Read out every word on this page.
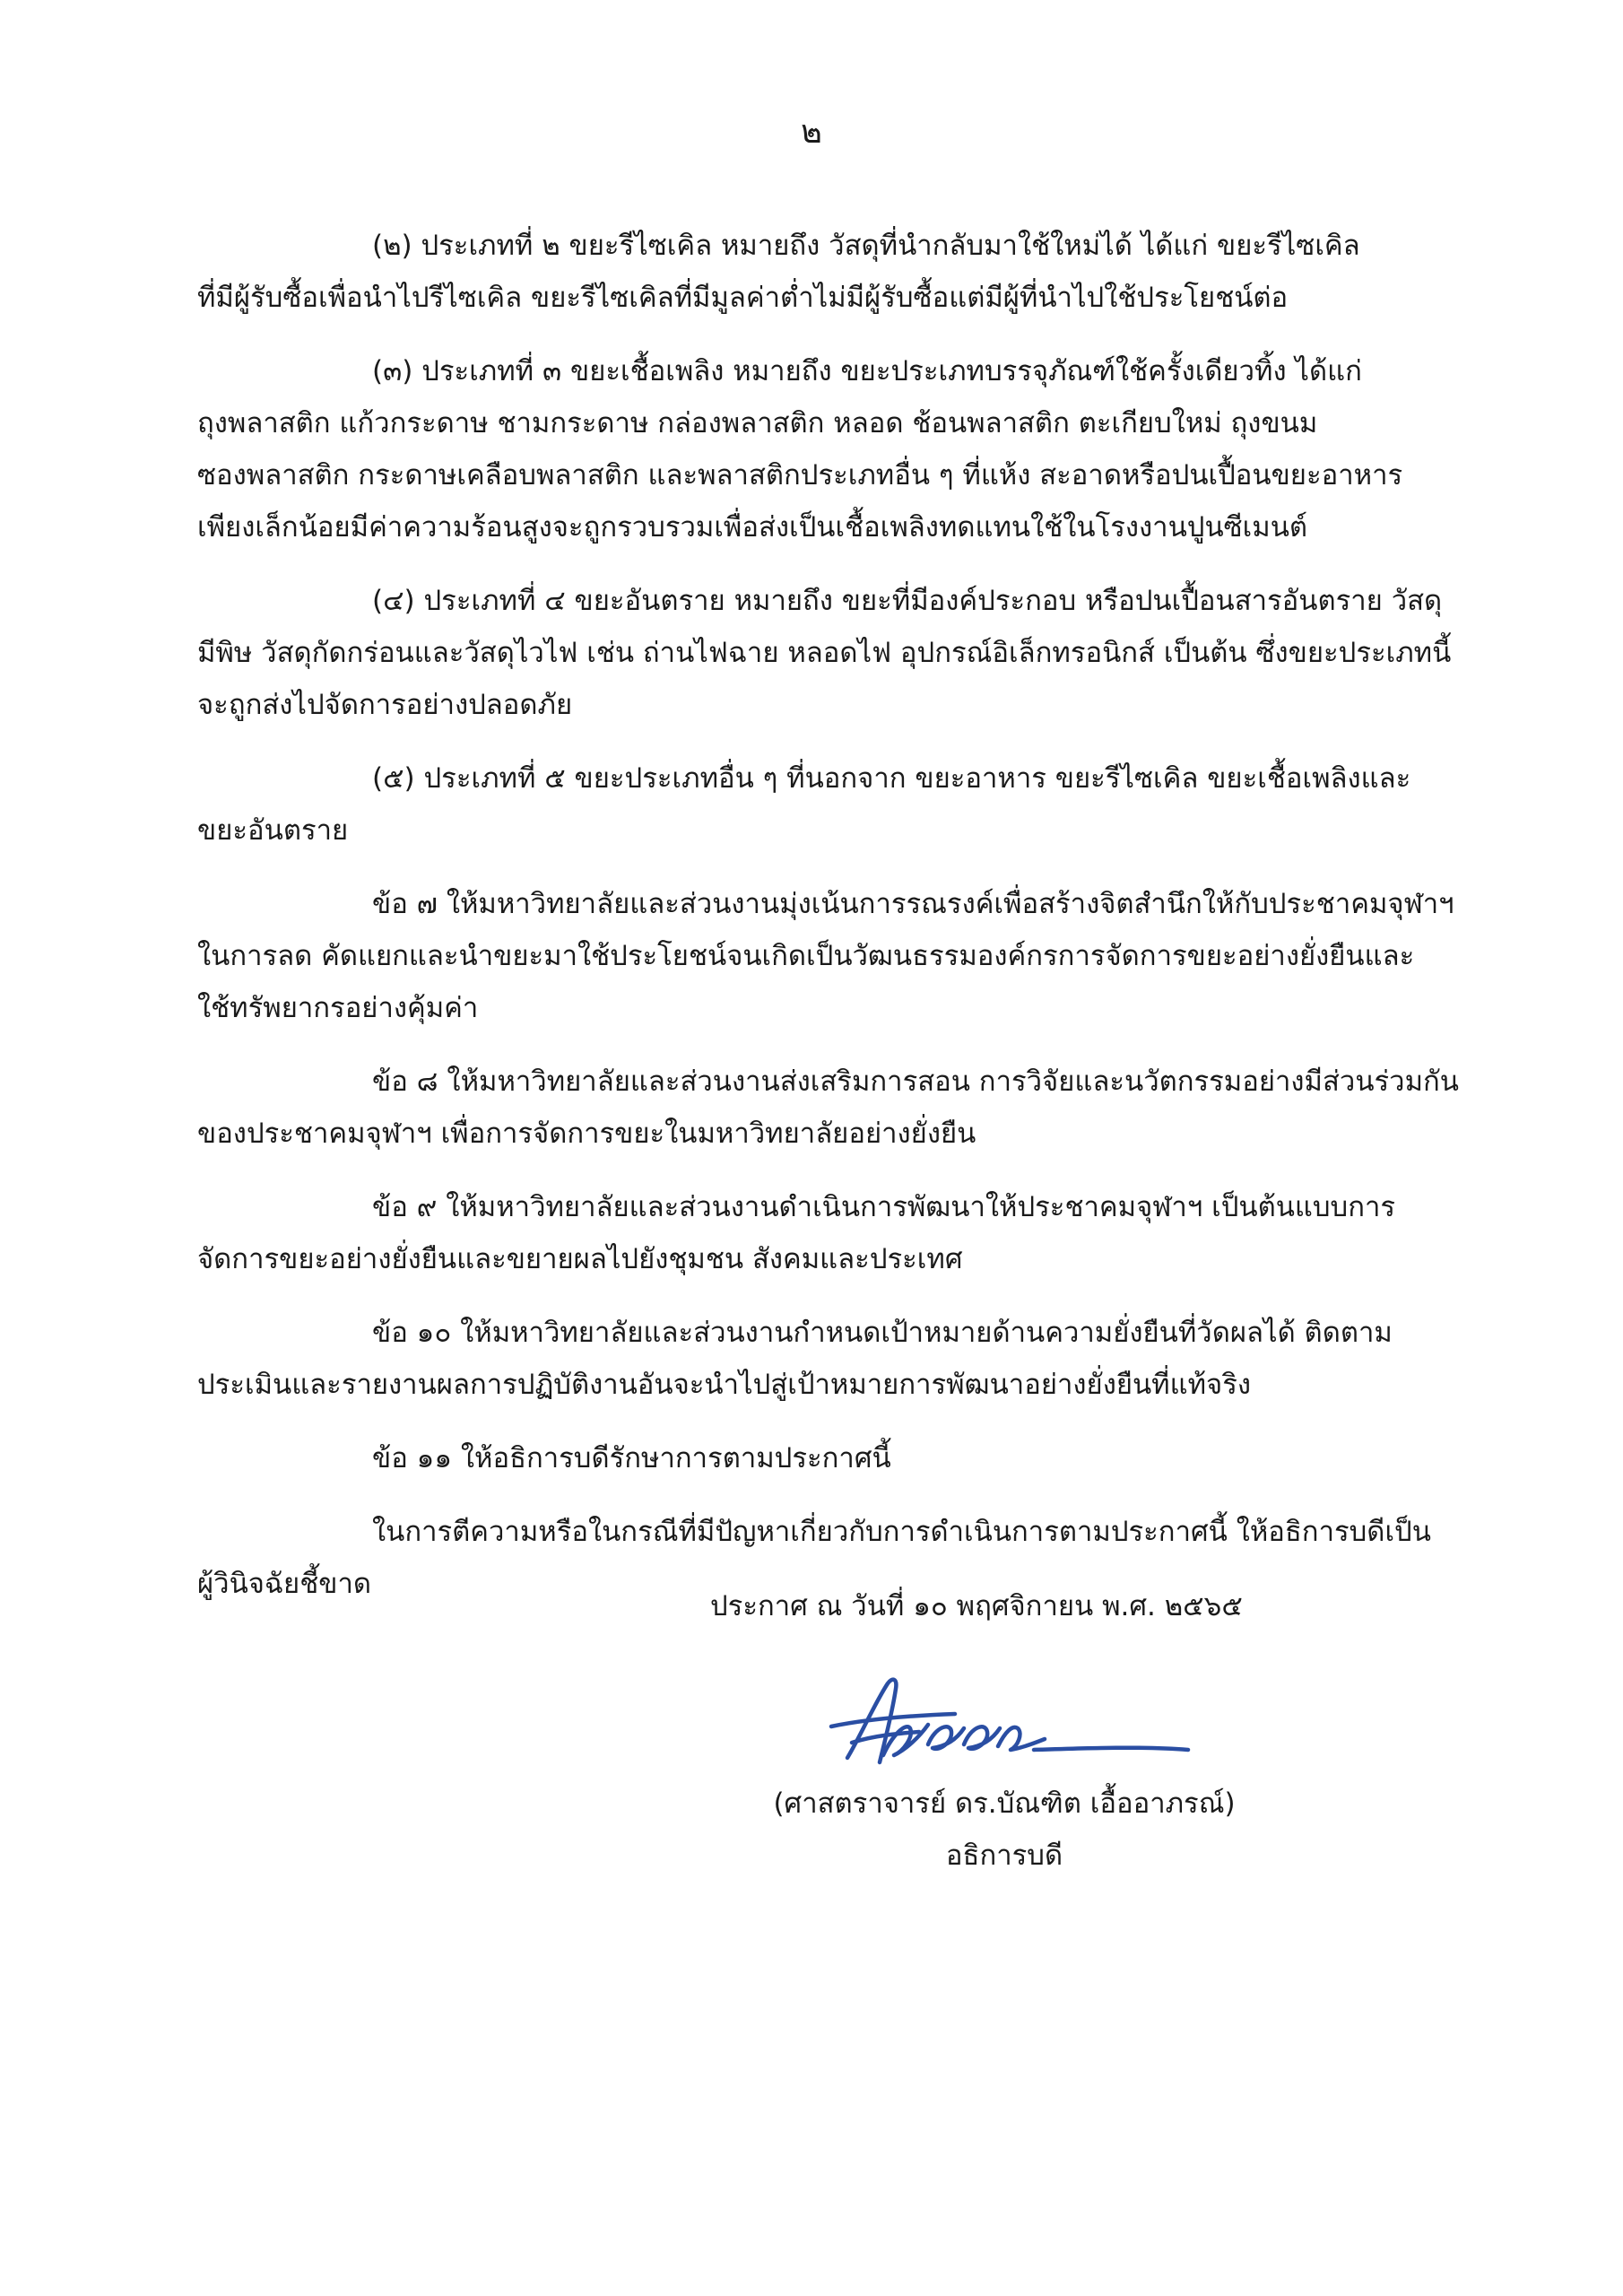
๒
(๒) ประเภทที่ ๒ ขยะรีไซเคิล หมายถึง วัสดุที่นำกลับมาใช้ใหม่ได้ ได้แก่ ขยะรีไซเคิล
ที่มีผู้รับซื้อเพื่อนำไปรีไซเคิล ขยะรีไซเคิลที่มีมูลค่าต่ำไม่มีผู้รับซื้อแต่มีผู้ที่นำไปใช้ประโยชน์ต่อ
(๓) ประเภทที่ ๓ ขยะเชื้อเพลิง หมายถึง ขยะประเภทบรรจุภัณฑ์ใช้ครั้งเดียวทิ้ง ได้แก่
ถุงพลาสติก แก้วกระดาษ ชามกระดาษ กล่องพลาสติก หลอด ช้อนพลาสติก ตะเกียบใหม่ ถุงขนม
ซองพลาสติก กระดาษเคลือบพลาสติก และพลาสติกประเภทอื่น ๆ ที่แห้ง สะอาดหรือปนเปื้อนขยะอาหาร
เพียงเล็กน้อยมีค่าความร้อนสูงจะถูกรวบรวมเพื่อส่งเป็นเชื้อเพลิงทดแทนใช้ในโรงงานปูนซีเมนต์
(๔) ประเภทที่ ๔ ขยะอันตราย หมายถึง ขยะที่มีองค์ประกอบ หรือปนเปื้อนสารอันตราย วัสดุ
มีพิษ วัสดุกัดกร่อนและวัสดุไวไฟ เช่น ถ่านไฟฉาย หลอดไฟ อุปกรณ์อิเล็กทรอนิกส์ เป็นต้น ซึ่งขยะประเภทนี้
จะถูกส่งไปจัดการอย่างปลอดภัย
(๕) ประเภทที่ ๕ ขยะประเภทอื่น ๆ ที่นอกจาก ขยะอาหาร ขยะรีไซเคิล ขยะเชื้อเพลิงและ
ขยะอันตราย
ข้อ ๗ ให้มหาวิทยาลัยและส่วนงานมุ่งเน้นการรณรงค์เพื่อสร้างจิตสำนึกให้กับประชาคมจุฬาฯ
ในการลด คัดแยกและนำขยะมาใช้ประโยชน์จนเกิดเป็นวัฒนธรรมองค์กรการจัดการขยะอย่างยั่งยืนและ
ใช้ทรัพยากรอย่างคุ้มค่า
ข้อ ๘ ให้มหาวิทยาลัยและส่วนงานส่งเสริมการสอน การวิจัยและนวัตกรรมอย่างมีส่วนร่วมกัน
ของประชาคมจุฬาฯ เพื่อการจัดการขยะในมหาวิทยาลัยอย่างยั่งยืน
ข้อ ๙ ให้มหาวิทยาลัยและส่วนงานดำเนินการพัฒนาให้ประชาคมจุฬาฯ เป็นต้นแบบการ
จัดการขยะอย่างยั่งยืนและขยายผลไปยังชุมชน สังคมและประเทศ
ข้อ ๑๐ ให้มหาวิทยาลัยและส่วนงานกำหนดเป้าหมายด้านความยั่งยืนที่วัดผลได้ ติดตาม
ประเมินและรายงานผลการปฏิบัติงานอันจะนำไปสู่เป้าหมายการพัฒนาอย่างยั่งยืนที่แท้จริง
ข้อ ๑๑ ให้อธิการบดีรักษาการตามประกาศนี้
ในการตีความหรือในกรณีที่มีปัญหาเกี่ยวกับการดำเนินการตามประกาศนี้ ให้อธิการบดีเป็น
ผู้วินิจฉัยชี้ขาด
ประกาศ ณ วันที่ ๑๐ พฤศจิกายน พ.ศ. ๒๕๖๕
(ศาสตราจารย์ ดร.บัณฑิต เอื้ออาภรณ์)
อธิการบดี
